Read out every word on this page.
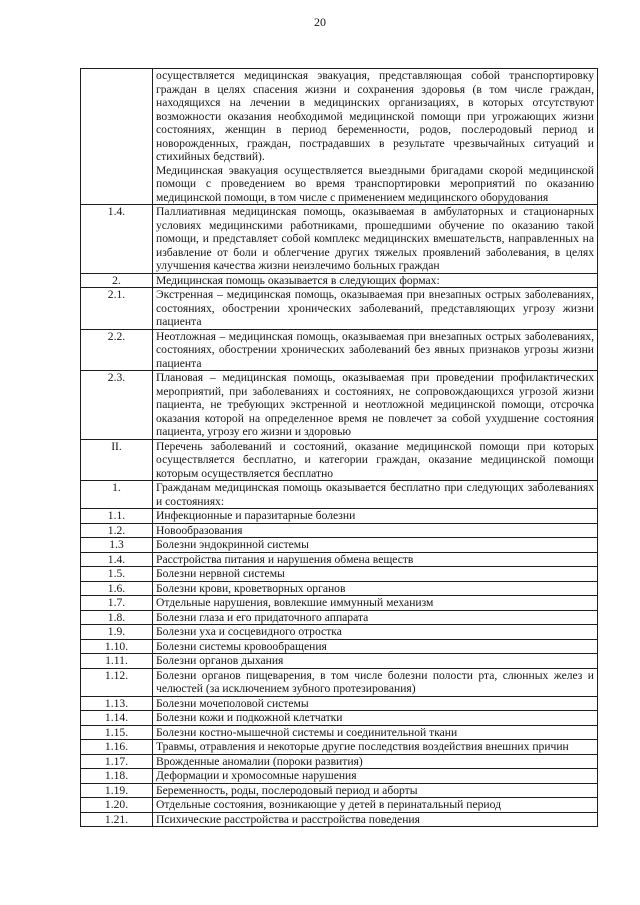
20

	осуществляется медицинская эвакуация, представляющая собой транспортировку граждан в целях спасения жизни и сохранения здоровья (в том числе граждан, находящихся на лечении в медицинских организациях, в которых отсутствуют возможности оказания необходимой медицинской помощи при угрожающих жизни состояниях, женщин в период беременности, родов, послеродовый период и новорожденных, граждан, пострадавших в результате чрезвычайных ситуаций и стихийных бедствий).

Медицинская эвакуация осуществляется выездными бригадами скорой медицинской помощи с проведением во время транспортировки мероприятий по оказанию медицинской помощи, в том числе с применением медицинского оборудования

1.4.	Паллиативная медицинская помощь, оказываемая в амбулаторных и стационарных условиях медицинскими работниками, прошедшими обучение по оказанию такой помощи, и представляет собой комплекс медицинских вмешательств, направленных на избавление от боли и облегчение других тяжелых проявлений заболевания, в целях улучшения качества жизни неизлечимо больных граждан

2.	Медицинская помощь оказывается в следующих формах:

2.1.	Экстренная – медицинская помощь, оказываемая при внезапных острых заболеваниях, состояниях, обострении хронических заболеваний, представляющих угрозу жизни пациента

2.2.	Неотложная – медицинская помощь, оказываемая при внезапных острых заболеваниях, состояниях, обострении хронических заболеваний без явных признаков угрозы жизни пациента

2.3.	Плановая – медицинская помощь, оказываемая при проведении профилактических мероприятий, при заболеваниях и состояниях, не сопровождающихся угрозой жизни пациента, не требующих экстренной и неотложной медицинской помощи, отсрочка оказания которой на определенное время не повлечет за собой ухудшение состояния пациента, угрозу его жизни и здоровью

II.	Перечень заболеваний и состояний, оказание медицинской помощи при которых осуществляется бесплатно, и категории граждан, оказание медицинской помощи которым осуществляется бесплатно

1.	Гражданам медицинская помощь оказывается бесплатно при следующих заболеваниях и состояниях:

1.1.	Инфекционные и паразитарные болезни

1.2.	Новообразования

1.3	Болезни эндокринной системы

1.4.	Расстройства питания и нарушения обмена веществ

1.5.	Болезни нервной системы

1.6.	Болезни крови, кроветворных органов

1.7.	Отдельные нарушения, вовлекшие иммунный механизм

1.8.	Болезни глаза и его придаточного аппарата

1.9.	Болезни уха и сосцевидного отростка

1.10.	Болезни системы кровообращения

1.11.	Болезни органов дыхания

1.12.	Болезни органов пищеварения, в том числе болезни полости рта, слюнных желез и челюстей (за исключением зубного протезирования)

1.13.	Болезни мочеполовой системы

1.14.	Болезни кожи и подкожной клетчатки

1.15.	Болезни костно-мышечной системы и соединительной ткани

1.16.	Травмы, отравления и некоторые другие последствия воздействия внешних причин

1.17.	Врожденные аномалии (пороки развития)

1.18.	Деформации и хромосомные нарушения

1.19.	Беременность, роды, послеродовый период и аборты

1.20.	Отдельные состояния, возникающие у детей в перинатальный период

1.21.	Психические расстройства и расстройства поведения
